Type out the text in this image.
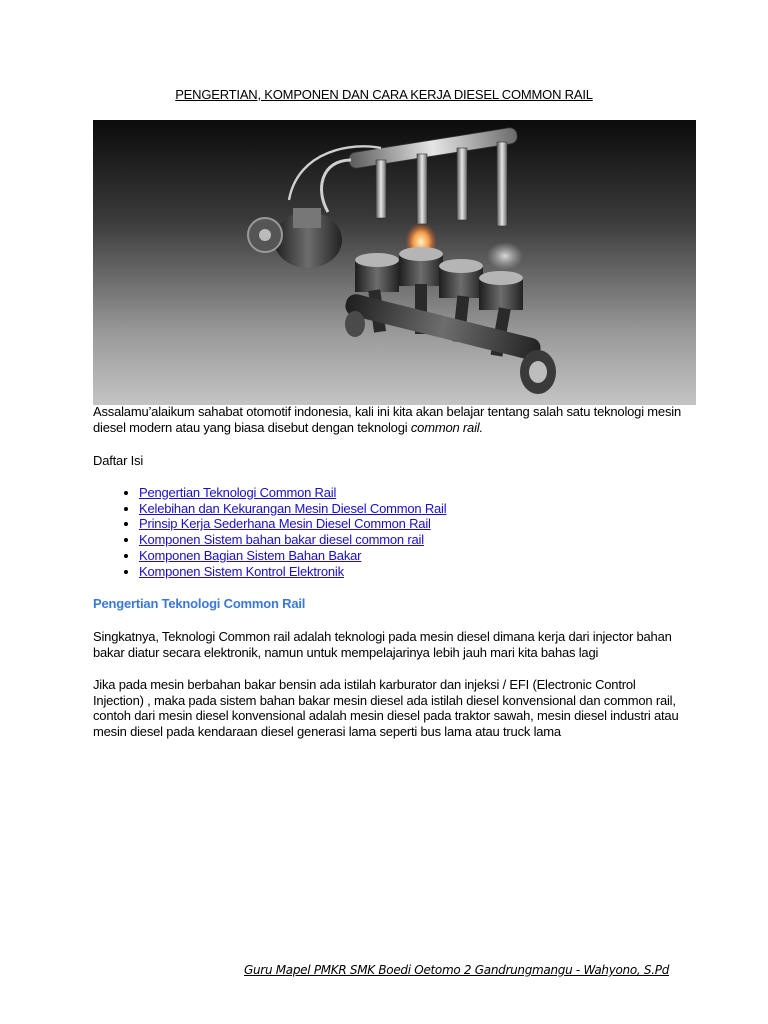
PENGERTIAN, KOMPONEN DAN CARA KERJA DIESEL COMMON RAIL
Assalamu’alaikum sahabat otomotif indonesia, kali ini kita akan belajar tentang salah satu teknologi mesin diesel modern atau yang biasa disebut dengan teknologi common rail.
Daftar Isi
• Pengertian Teknologi Common Rail
• Kelebihan dan Kekurangan Mesin Diesel Common Rail
• Prinsip Kerja Sederhana Mesin Diesel Common Rail
• Komponen Sistem bahan bakar diesel common rail
• Komponen Bagian Sistem Bahan Bakar
• Komponen Sistem Kontrol Elektronik
Pengertian Teknologi Common Rail
Singkatnya, Teknologi Common rail adalah teknologi pada mesin diesel dimana kerja dari injector bahan bakar diatur secara elektronik, namun untuk mempelajarinya lebih jauh mari kita bahas lagi
Jika pada mesin berbahan bakar bensin ada istilah karburator dan injeksi / EFI (Electronic Control Injection) , maka pada sistem bahan bakar mesin diesel ada istilah diesel konvensional dan common rail, contoh dari mesin diesel konvensional adalah mesin diesel pada traktor sawah, mesin diesel industri atau mesin diesel pada kendaraan diesel generasi lama seperti bus lama atau truck lama
Guru Mapel PMKR SMK Boedi Oetomo 2 Gandrungmangu - Wahyono, S.Pd
